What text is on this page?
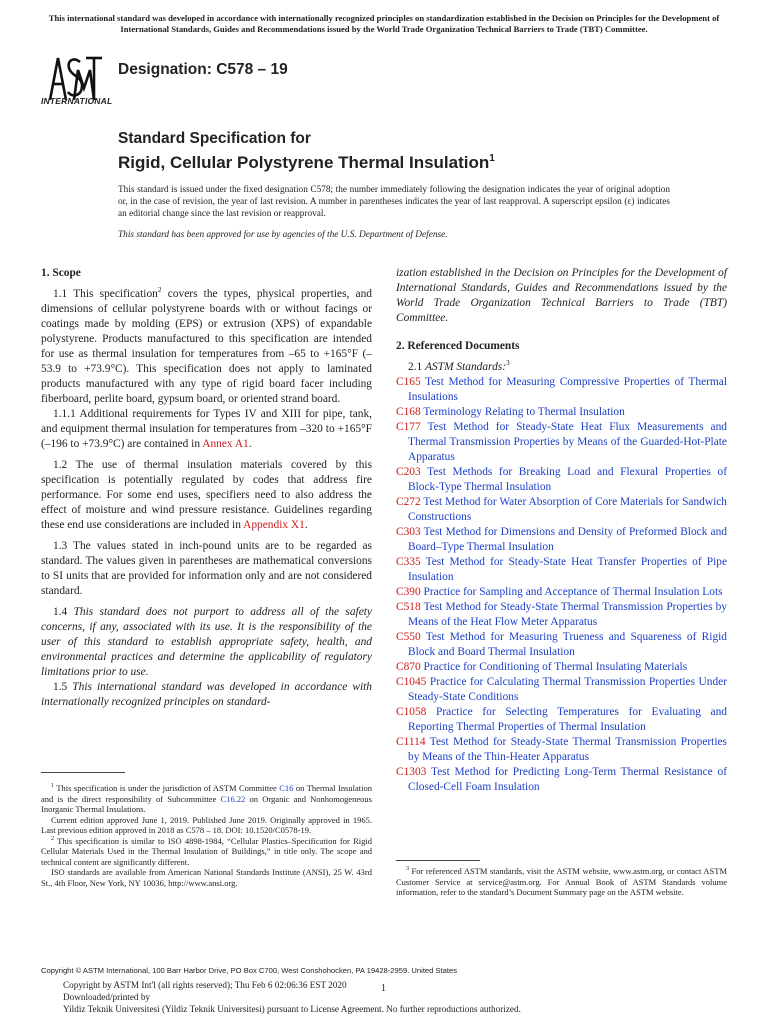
This international standard was developed in accordance with internationally recognized principles on standardization established in the Decision on Principles for the Development of International Standards, Guides and Recommendations issued by the World Trade Organization Technical Barriers to Trade (TBT) Committee.
INTERNATIONAL
Designation: C578 – 19
Standard Specification for
Rigid, Cellular Polystyrene Thermal Insulation$^1$
This standard is issued under the fixed designation C578; the number immediately following the designation indicates the year of original adoption or, in the case of revision, the year of last revision. A number in parentheses indicates the year of last reapproval. A superscript epsilon (ε) indicates an editorial change since the last revision or reapproval.
This standard has been approved for use by agencies of the U.S. Department of Defense.
1. Scope

1.1 This specification$^2$ covers the types, physical properties, and dimensions of cellular polystyrene boards with or without facings or coatings made by molding (EPS) or extrusion (XPS) of expandable polystyrene. Products manufactured to this specification are intended for use as thermal insulation for temperatures from –65 to +165°F (–53.9 to +73.9°C). This specification does not apply to laminated products manufactured with any type of rigid board facer including fiberboard, perlite board, gypsum board, or oriented strand board.

1.1.1 Additional requirements for Types IV and XIII for pipe, tank, and equipment thermal insulation for temperatures from –320 to +165°F (–196 to +73.9°C) are contained in Annex A1.

1.2 The use of thermal insulation materials covered by this specification is potentially regulated by codes that address fire performance. For some end uses, specifiers need to also address the effect of moisture and wind pressure resistance. Guidelines regarding these end use considerations are included in Appendix X1.

1.3 The values stated in inch-pound units are to be regarded as standard. The values given in parentheses are mathematical conversions to SI units that are provided for information only and are not considered standard.

1.4 This standard does not purport to address all of the safety concerns, if any, associated with its use. It is the responsibility of the user of this standard to establish appropriate safety, health, and environmental practices and determine the applicability of regulatory limitations prior to use.

1.5 This international standard was developed in accordance with internationally recognized principles on standard-

$^1$ This specification is under the jurisdiction of ASTM Committee C16 on Thermal Insulation and is the direct responsibility of Subcommittee C16.22 on Organic and Nonhomogeneous Inorganic Thermal Insulations.

Current edition approved June 1, 2019. Published June 2019. Originally approved in 1965. Last previous edition approved in 2018 as C578 – 18. DOI: 10.1520/C0578-19.

$^2$ This specification is similar to ISO 4898-1984, “Cellular Plastics–Specification for Rigid Cellular Materials Used in the Thermal Insulation of Buildings,” in title only. The scope and technical content are significantly different.

ISO standards are available from American National Standards Institute (ANSI), 25 W. 43rd St., 4th Floor, New York, NY 10036, http://www.ansi.org.

ization established in the Decision on Principles for the Development of International Standards, Guides and Recommendations issued by the World Trade Organization Technical Barriers to Trade (TBT) Committee.

2. Referenced Documents

2.1 ASTM Standards:$^3$

C165 Test Method for Measuring Compressive Properties of Thermal Insulations
C168 Terminology Relating to Thermal Insulation
C177 Test Method for Steady-State Heat Flux Measurements and Thermal Transmission Properties by Means of the Guarded-Hot-Plate Apparatus
C203 Test Methods for Breaking Load and Flexural Properties of Block-Type Thermal Insulation
C272 Test Method for Water Absorption of Core Materials for Sandwich Constructions
C303 Test Method for Dimensions and Density of Preformed Block and Board–Type Thermal Insulation
C335 Test Method for Steady-State Heat Transfer Properties of Pipe Insulation
C390 Practice for Sampling and Acceptance of Thermal Insulation Lots
C518 Test Method for Steady-State Thermal Transmission Properties by Means of the Heat Flow Meter Apparatus
C550 Test Method for Measuring Trueness and Squareness of Rigid Block and Board Thermal Insulation
C870 Practice for Conditioning of Thermal Insulating Materials
C1045 Practice for Calculating Thermal Transmission Properties Under Steady-State Conditions
C1058 Practice for Selecting Temperatures for Evaluating and Reporting Thermal Properties of Thermal Insulation
C1114 Test Method for Steady-State Thermal Transmission Properties by Means of the Thin-Heater Apparatus
C1303 Test Method for Predicting Long-Term Thermal Resistance of Closed-Cell Foam Insulation

$^3$ For referenced ASTM standards, visit the ASTM website, www.astm.org, or contact ASTM Customer Service at service@astm.org. For Annual Book of ASTM Standards volume information, refer to the standard’s Document Summary page on the ASTM website.

Copyright © ASTM International, 100 Barr Harbor Drive, PO Box C700, West Conshohocken, PA 19428-2959. United States
Copyright by ASTM Int'l (all rights reserved); Thu Feb 6 02:06:36 EST 2020
Downloaded/printed by
Yildiz Teknik Universitesi (Yildiz Teknik Universitesi) pursuant to License Agreement. No further reproductions authorized.
1
